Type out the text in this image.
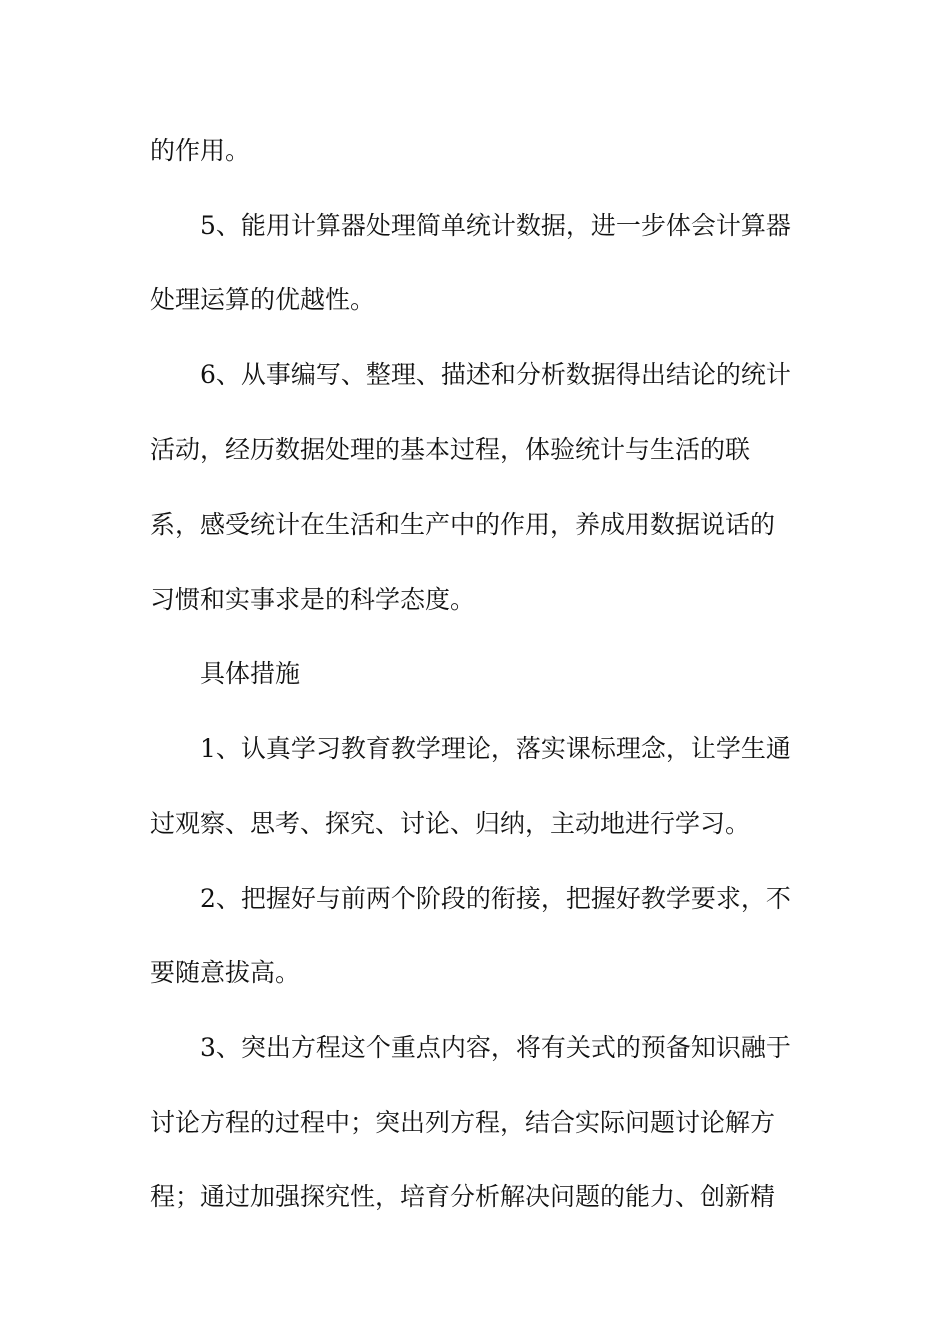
的作用。

5、能用计算器处理简单统计数据，进一步体会计算器

处理运算的优越性。

6、从事编写、整理、描述和分析数据得出结论的统计

活动，经历数据处理的基本过程，体验统计与生活的联

系，感受统计在生活和生产中的作用，养成用数据说话的

习惯和实事求是的科学态度。

具体措施

1、认真学习教育教学理论，落实课标理念，让学生通

过观察、思考、探究、讨论、归纳，主动地进行学习。

2、把握好与前两个阶段的衔接，把握好教学要求，不

要随意拔高。

3、突出方程这个重点内容，将有关式的预备知识融于

讨论方程的过程中；突出列方程，结合实际问题讨论解方

程；通过加强探究性，培育分析解决问题的能力、创新精
